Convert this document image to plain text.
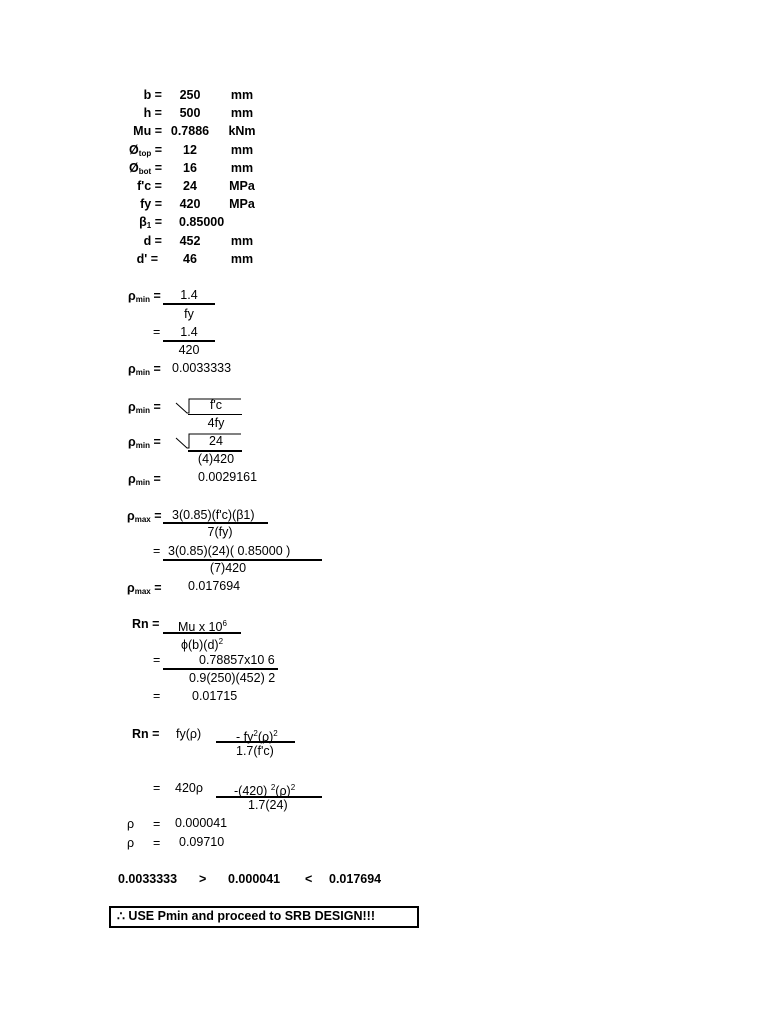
b =	250	mm
h =	500	mm
Mu = 0.7886	kNm
$Ø_{top}$ =	12	mm
$Ø_{bot}$ =	16	mm
f'c =	24	MPa
fy =	420	MPa
$\beta_1 = 0.85000$
d =	452	mm
d' =	46	mm
$\rho_{min}$ =	1.4
fy
=	1.4
420
$\rho_{min} = 0.0033333$
$\rho_{min}$ =	f'c
4fy
$\rho_{min}$ =	24
(4)420
$\rho_{min}$ =	0.0029161
$\rho_{max} = 3(0.85)(f'c)(\beta 1)$
7(fy)
= 3(0.85)(24)( 0.85000 )
(7)420
$\rho_{max} = 0.017694$
Rn = Mu x $10^6$
$\phi(b)(d)^2$
=	0.78857x10 6
0.9(250)(452) 2
=	0.01715
Rn = fy(ρ)	- $fy^2(\rho)^2$
1.7(f'c)
= 420ρ -(420) $^2(\rho)^2$
1.7(24)
ρ = 0.000041
ρ = 0.09710
0.0033333 > 0.000041 < 0.017694
∴ USE Pmin and proceed to SRB DESIGN!!!
